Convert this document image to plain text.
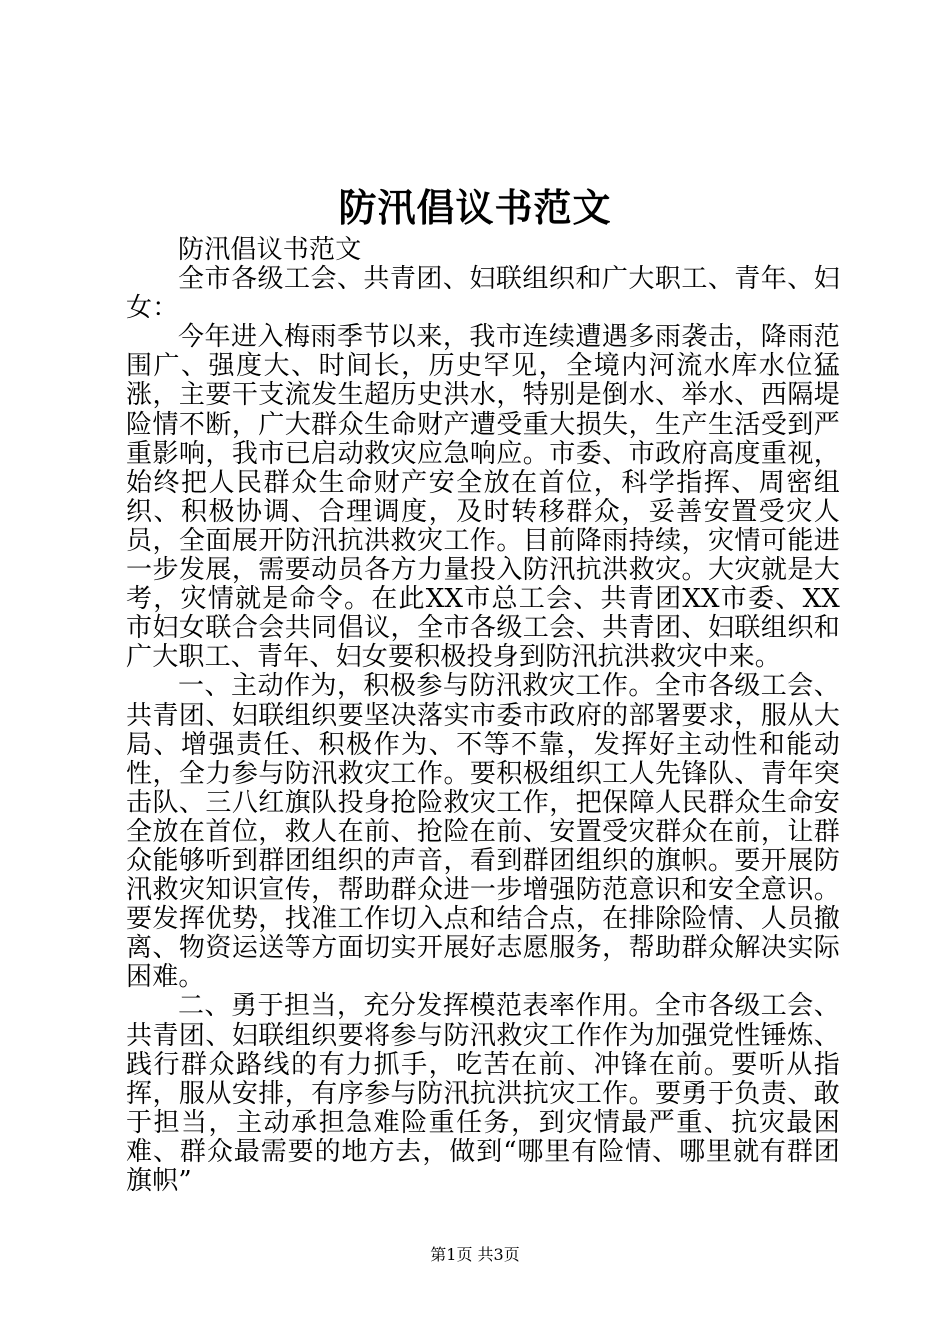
防汛倡议书范文

防汛倡议书范文

全市各级工会、共青团、妇联组织和广大职工、青年、妇女：

今年进入梅雨季节以来，我市连续遭遇多雨袭击，降雨范围广、强度大、时间长，历史罕见，全境内河流水库水位猛涨，主要干支流发生超历史洪水，特别是倒水、举水、西隔堤险情不断，广大群众生命财产遭受重大损失，生产生活受到严重影响，我市已启动救灾应急响应。市委、市政府高度重视，始终把人民群众生命财产安全放在首位，科学指挥、周密组织、积极协调、合理调度，及时转移群众，妥善安置受灾人员，全面展开防汛抗洪救灾工作。目前降雨持续，灾情可能进一步发展，需要动员各方力量投入防汛抗洪救灾。大灾就是大考，灾情就是命令。在此XX市总工会、共青团XX市委、XX市妇女联合会共同倡议，全市各级工会、共青团、妇联组织和广大职工、青年、妇女要积极投身到防汛抗洪救灾中来。

一、主动作为，积极参与防汛救灾工作。全市各级工会、共青团、妇联组织要坚决落实市委市政府的部署要求，服从大局、增强责任、积极作为、不等不靠，发挥好主动性和能动性，全力参与防汛救灾工作。要积极组织工人先锋队、青年突击队、三八红旗队投身抢险救灾工作，把保障人民群众生命安全放在首位，救人在前、抢险在前、安置受灾群众在前，让群众能够听到群团组织的声音，看到群团组织的旗帜。要开展防汛救灾知识宣传，帮助群众进一步增强防范意识和安全意识。要发挥优势，找准工作切入点和结合点，在排除险情、人员撤离、物资运送等方面切实开展好志愿服务，帮助群众解决实际困难。

二、勇于担当，充分发挥模范表率作用。全市各级工会、共青团、妇联组织要将参与防汛救灾工作作为加强党性锤炼、践行群众路线的有力抓手，吃苦在前、冲锋在前。要听从指挥，服从安排，有序参与防汛抗洪抗灾工作。要勇于负责、敢于担当，主动承担急难险重任务，到灾情最严重、抗灾最困难、群众最需要的地方去，做到“哪里有险情、哪里就有群团旗帜”

第1页 共3页
